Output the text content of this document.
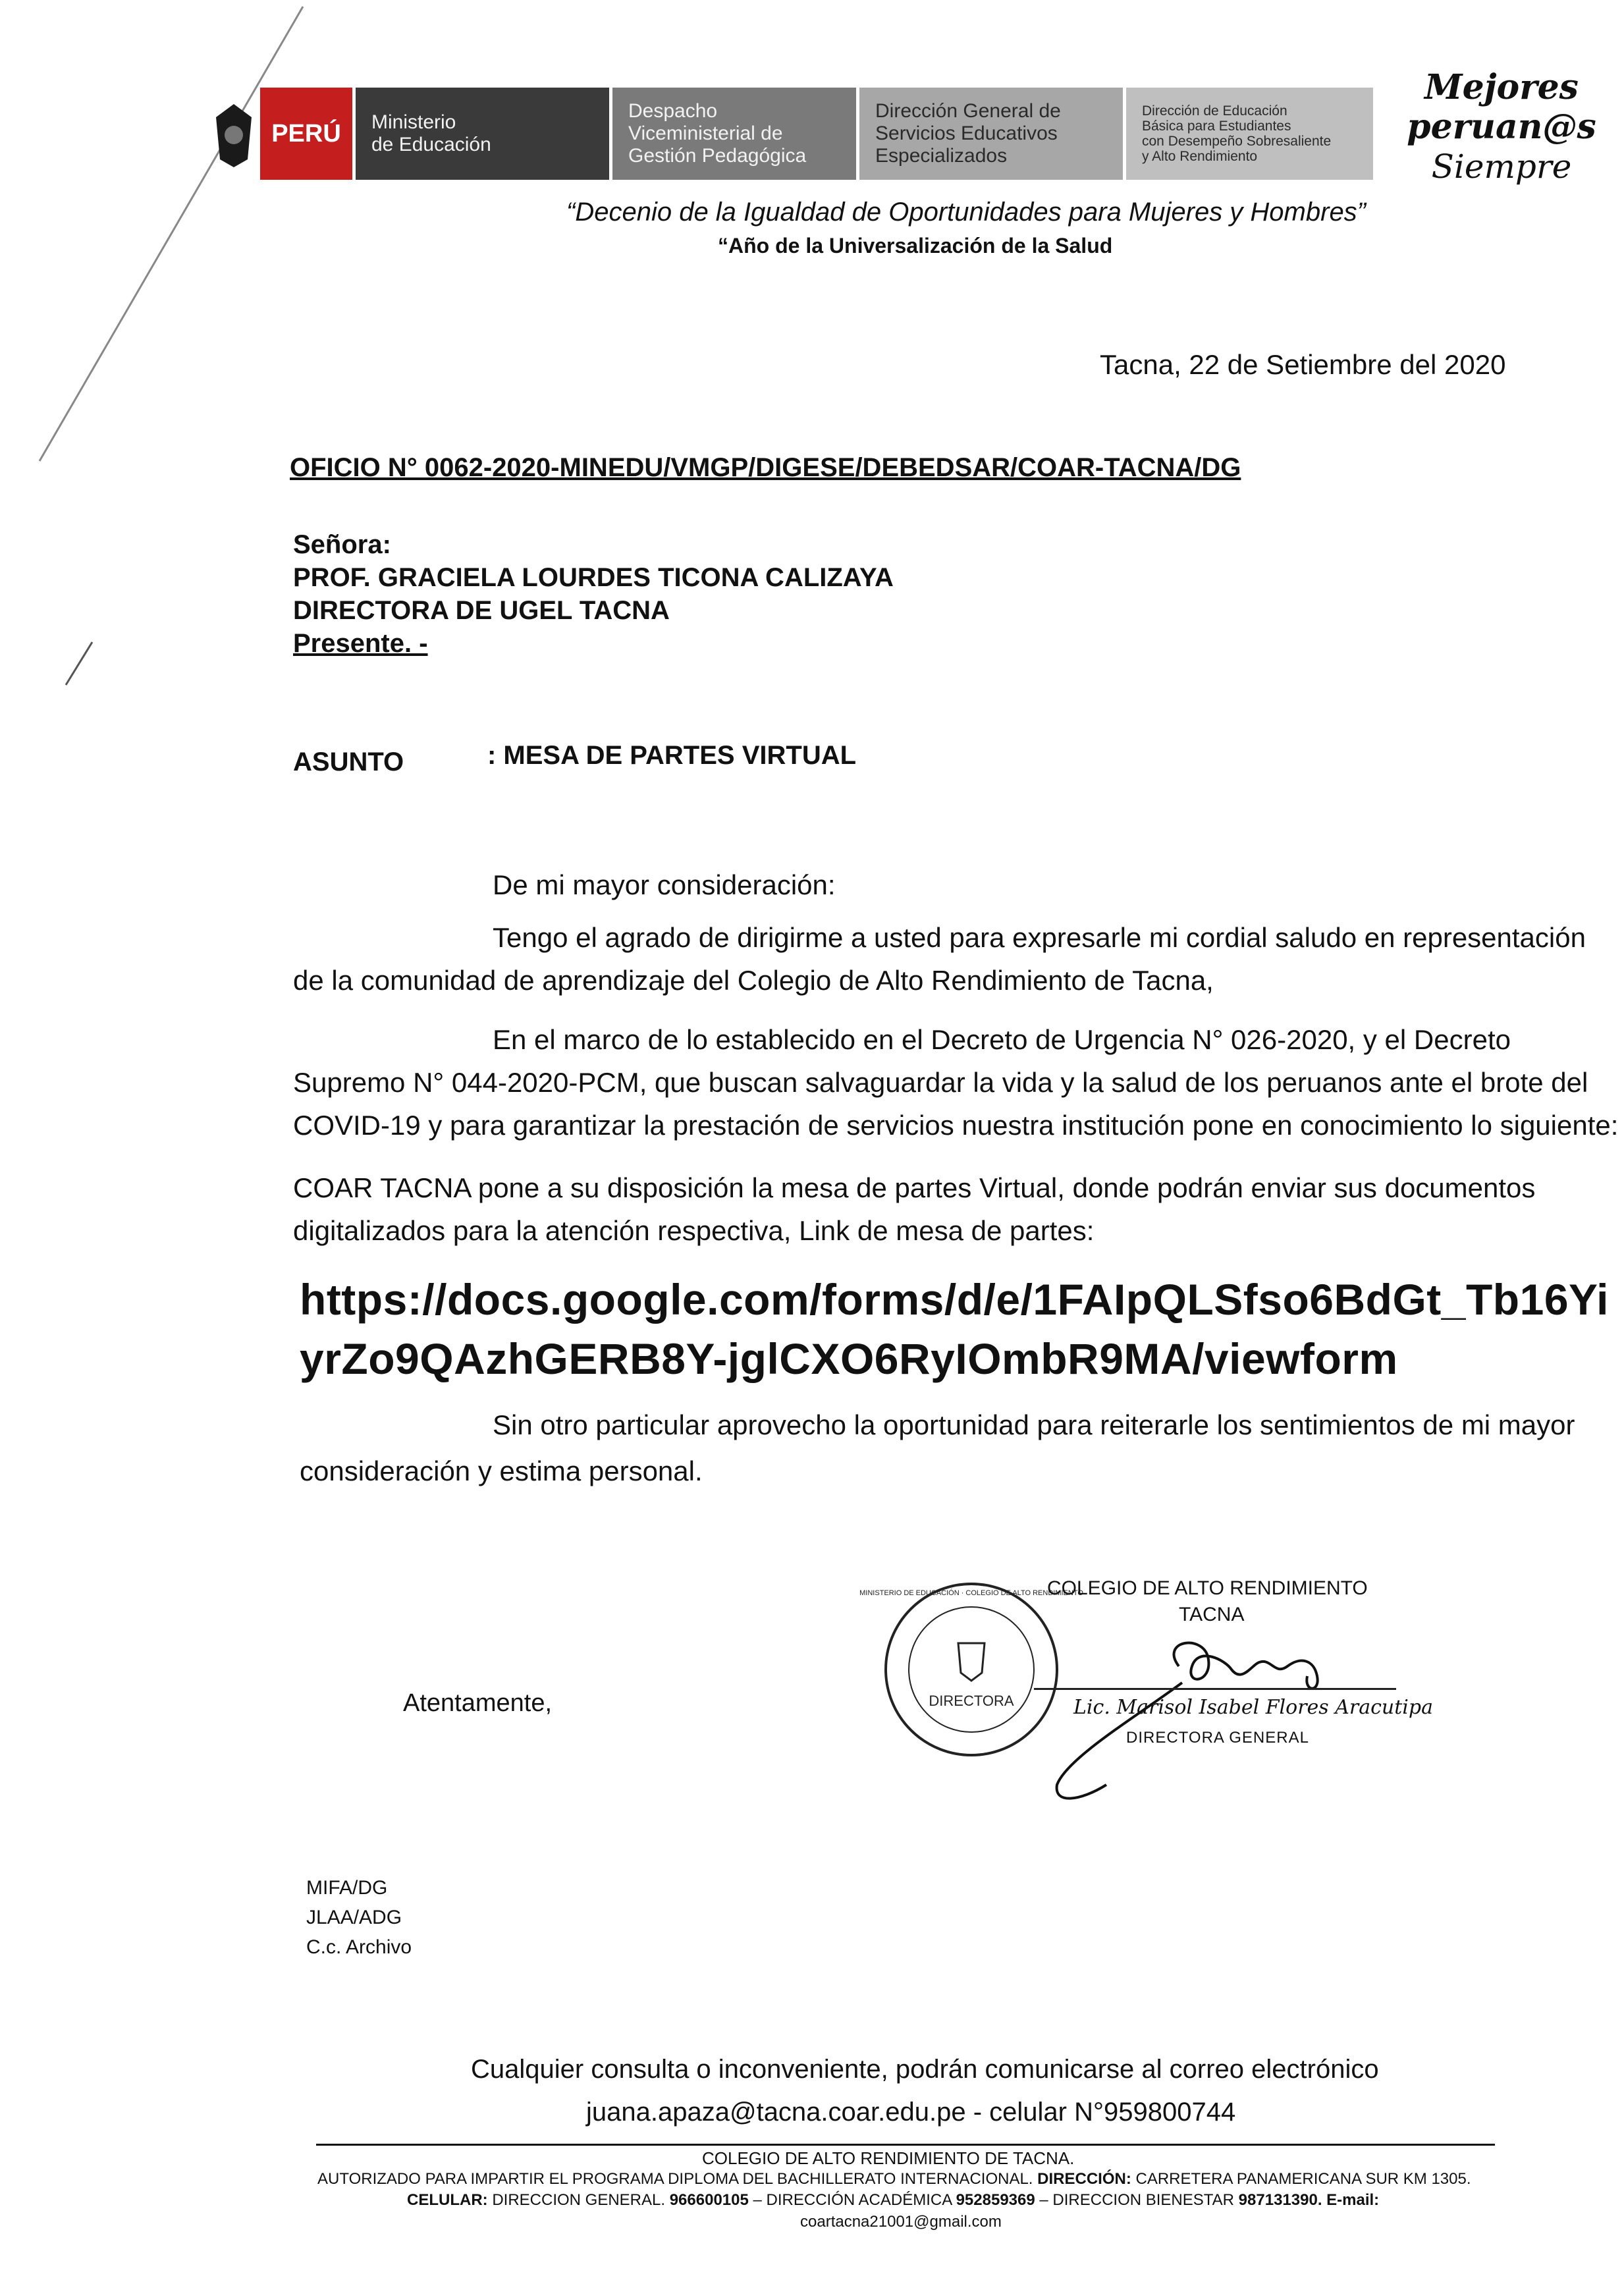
PERÚ	Ministerio
de Educación
Despacho
Viceministerial de
Gestión Pedagógica
Dirección General de
Servicios Educativos
Especializados
Dirección de Educación
Básica para Estudiantes
con Desempeño Sobresaliente
y Alto Rendimiento
Mejores
peruan@s
Siempre
“Decenio de la Igualdad de Oportunidades para Mujeres y Hombres”
“Año de la Universalización de la Salud
Tacna, 22 de Setiembre del 2020
OFICIO N° 0062-2020-MINEDU/VMGP/DIGESE/DEBEDSAR/COAR-TACNA/DG
Señora:
PROF. GRACIELA LOURDES TICONA CALIZAYA
DIRECTORA DE UGEL TACNA
Presente. -
ASUNTO	: MESA DE PARTES VIRTUAL
De mi mayor consideración:
Tengo el agrado de dirigirme a usted para expresarle mi cordial saludo en representación
de la comunidad de aprendizaje del Colegio de Alto Rendimiento de Tacna,
En el marco de lo establecido en el Decreto de Urgencia N° 026-2020, y el Decreto
Supremo N° 044-2020-PCM, que buscan salvaguardar la vida y la salud de los peruanos ante el brote del
COVID-19 y para garantizar la prestación de servicios nuestra institución pone en conocimiento lo siguiente:
COAR TACNA pone a su disposición la mesa de partes Virtual, donde podrán enviar sus documentos
digitalizados para la atención respectiva, Link de mesa de partes:
https://docs.google.com/forms/d/e/1FAIpQLSfso6BdGt_Tb16Yi
yrZo9QAzhGERB8Y-jglCXO6RyIOmbR9MA/viewform
Sin otro particular aprovecho la oportunidad para reiterarle los sentimientos de mi mayor
consideración y estima personal.
Atentamente,
MINISTERIO DE EDUCACIÓN · COLEGIO DE ALTO RENDIMIENTO
DIRECTORA
COLEGIO DE ALTO RENDIMIENTO
TACNA
Lic. Marisol Isabel Flores Aracutipa
DIRECTORA GENERAL
MIFA/DG
JLAA/ADG
C.c. Archivo
Cualquier consulta o inconveniente, podrán comunicarse al correo electrónico
juana.apaza@tacna.coar.edu.pe - celular N°959800744
COLEGIO DE ALTO RENDIMIENTO DE TACNA.
AUTORIZADO PARA IMPARTIR EL PROGRAMA DIPLOMA DEL BACHILLERATO INTERNACIONAL. DIRECCIÓN: CARRETERA PANAMERICANA SUR KM 1305.
CELULAR: DIRECCION GENERAL. 966600105 – DIRECCIÓN ACADÉMICA 952859369 – DIRECCION BIENESTAR 987131390. E-mail:
coartacna21001@gmail.com
